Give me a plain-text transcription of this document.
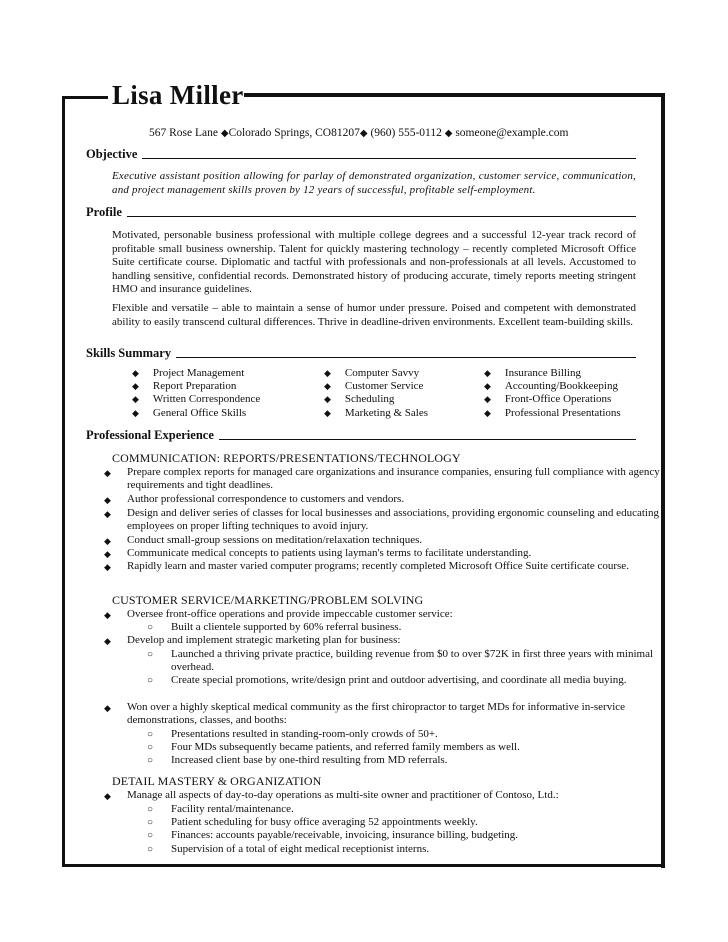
Lisa Miller
567 Rose Lane ◆Colorado Springs, CO81207◆ (960) 555-0112 ◆ someone@example.com
Objective
Executive assistant position allowing for parlay of demonstrated organization, customer service, communication, and project management skills proven by 12 years of successful, profitable self-employment.
Profile
Motivated, personable business professional with multiple college degrees and a successful 12-year track record of profitable small business ownership. Talent for quickly mastering technology – recently completed Microsoft Office Suite certificate course. Diplomatic and tactful with professionals and non-professionals at all levels. Accustomed to handling sensitive, confidential records. Demonstrated history of producing accurate, timely reports meeting stringent HMO and insurance guidelines.
Flexible and versatile – able to maintain a sense of humor under pressure. Poised and competent with demonstrated ability to easily transcend cultural differences. Thrive in deadline-driven environments. Excellent team-building skills.
Skills Summary
◆ Project Management
◆ Report Preparation
◆ Written Correspondence
◆ General Office Skills
◆ Computer Savvy
◆ Customer Service
◆ Scheduling
◆ Marketing & Sales
◆ Insurance Billing
◆ Accounting/Bookkeeping
◆ Front-Office Operations
◆ Professional Presentations
Professional Experience
COMMUNICATION: REPORTS/PRESENTATIONS/TECHNOLOGY
◆ Prepare complex reports for managed care organizations and insurance companies, ensuring full compliance with agency requirements and tight deadlines.
◆ Author professional correspondence to customers and vendors.
◆ Design and deliver series of classes for local businesses and associations, providing ergonomic counseling and educating employees on proper lifting techniques to avoid injury.
◆ Conduct small-group sessions on meditation/relaxation techniques.
◆ Communicate medical concepts to patients using layman's terms to facilitate understanding.
◆ Rapidly learn and master varied computer programs; recently completed Microsoft Office Suite certificate course.
CUSTOMER SERVICE/MARKETING/PROBLEM SOLVING
◆ Oversee front-office operations and provide impeccable customer service:
○ Built a clientele supported by 60% referral business.
◆ Develop and implement strategic marketing plan for business:
○ Launched a thriving private practice, building revenue from $0 to over $72K in first three years with minimal overhead.
○ Create special promotions, write/design print and outdoor advertising, and coordinate all media buying.
◆ Won over a highly skeptical medical community as the first chiropractor to target MDs for informative in-service demonstrations, classes, and booths:
○ Presentations resulted in standing-room-only crowds of 50+.
○ Four MDs subsequently became patients, and referred family members as well.
○ Increased client base by one-third resulting from MD referrals.
DETAIL MASTERY & ORGANIZATION
◆ Manage all aspects of day-to-day operations as multi-site owner and practitioner of Contoso, Ltd.:
○ Facility rental/maintenance.
○ Patient scheduling for busy office averaging 52 appointments weekly.
○ Finances: accounts payable/receivable, invoicing, insurance billing, budgeting.
○ Supervision of a total of eight medical receptionist interns.
